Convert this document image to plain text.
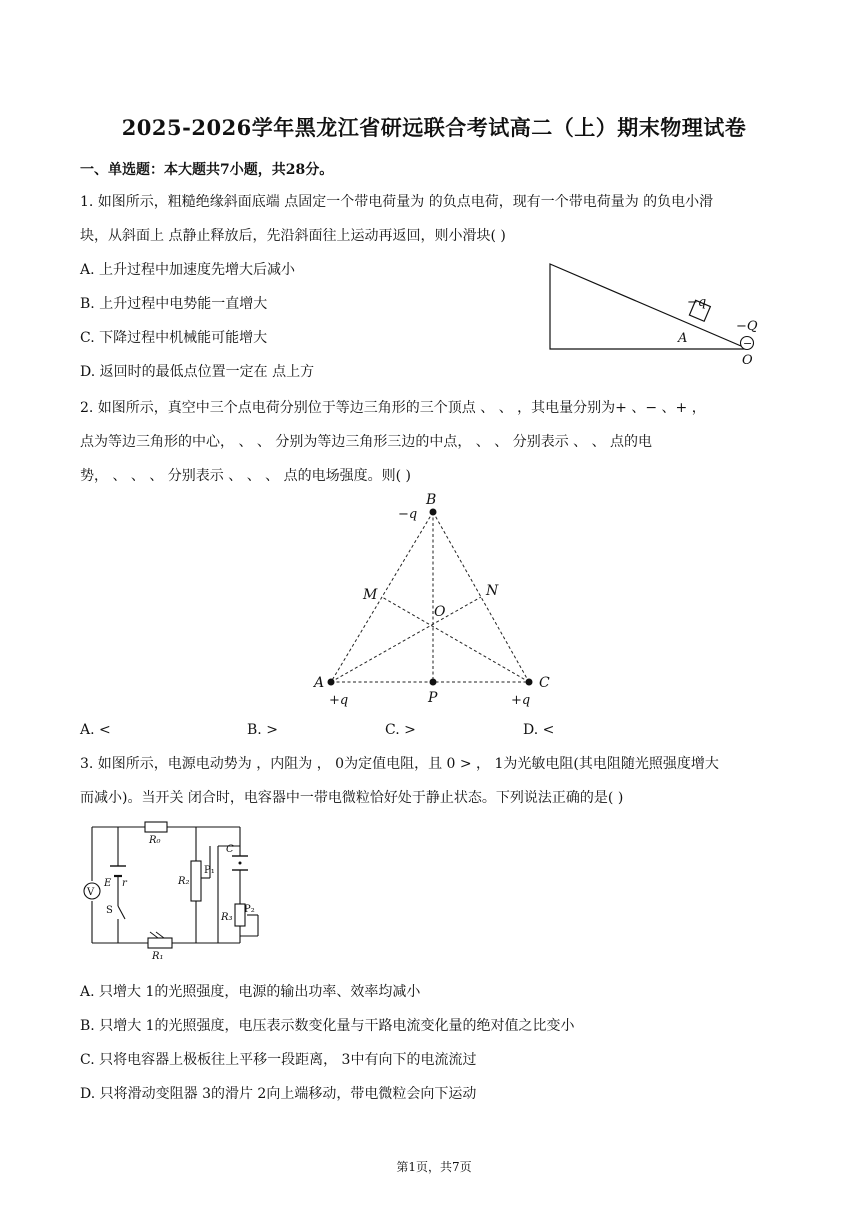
2025-2026学年黑龙江省研远联合考试高二（上）期末物理试卷
一、单选题：本大题共7小题，共28分。
1. 如图所示，粗糙绝缘斜面底端 点固定一个带电荷量为 的负点电荷，现有一个带电荷量为 的负电小滑
块，从斜面上 点静止释放后，先沿斜面往上运动再返回，则小滑块( )
A. 上升过程中加速度先增大后减小
B. 上升过程中电势能一直增大
C. 下降过程中机械能可能增大
D. 返回时的最低点位置一定在 点上方
−q
A
−Q
−
O
2. 如图所示，真空中三个点电荷分别位于等边三角形的三个顶点 、 、 ，其电量分别为+ 、− 、+ ，
点为等边三角形的中心， 、 、 分别为等边三角形三边的中点， 、 、 分别表示 、 、 点的电
势， 、 、 、 分别表示 、 、 、 点的电场强度。则( )
B
−q
M	N
O
A
+q	P
C
+q
A. <	B. >	C. >	D. <
3. 如图所示，电源电动势为 ，内阻为 ， 0为定值电阻，且 0 > ， 1为光敏电阻(其电阻随光照强度增大
而减小)。当开关 闭合时，电容器中一带电微粒恰好处于静止状态。下列说法正确的是( )
V
R₀
E r
S
R₁
R₂
P₁
C
R₃
P₂
A. 只增大 1的光照强度，电源的输出功率、效率均减小
B. 只增大 1的光照强度，电压表示数变化量与干路电流变化量的绝对值之比变小
C. 只将电容器上极板往上平移一段距离， 3中有向下的电流流过
D. 只将滑动变阻器 3的滑片 2向上端移动，带电微粒会向下运动
第1页，共7页
